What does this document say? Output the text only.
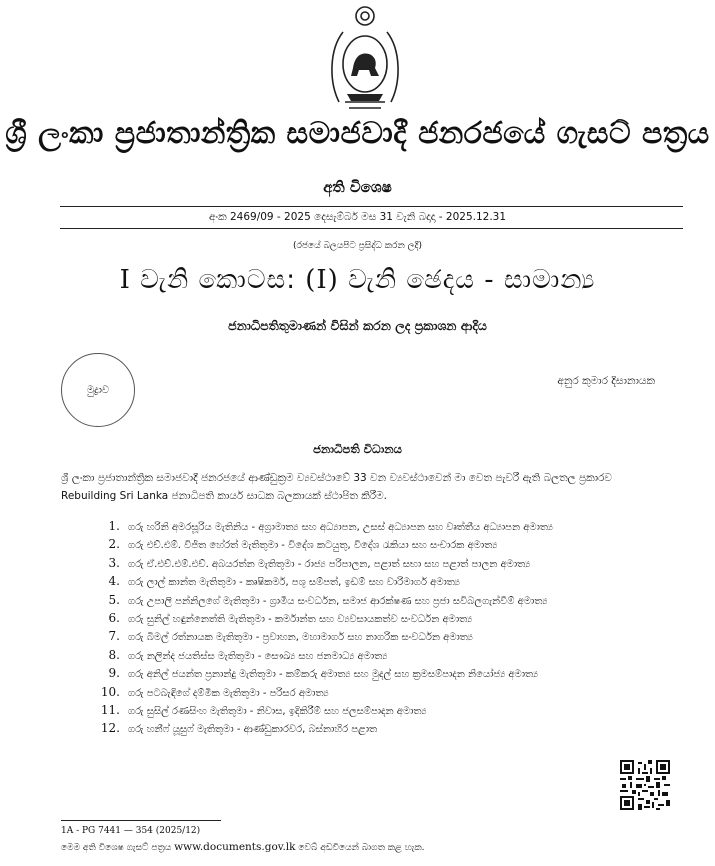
ශ්‍රී ලංකා ප්‍රජාතාන්ත්‍රික සමාජවාදී ජනරජයේ ගැසට් පත්‍රය
අති විශෙෂ
අංක 2469/09 - 2025 දෙසැම්බර් මස 31 වැනි බදාදා - 2025.12.31
(රජයේ බලයපිට ප්‍රසිද්ධ කරන ලදී)
I වැනි කොටස: (I) වැනි ඡෙදය - සාමාන්‍ය
ජනාධිපතිතුමාණන් විසින් කරන ලද ප්‍රකාශන ආදිය
මුද්‍රාව
අනුර කුමාර දිසානායක
ජනාධිපති විධානය
ශ්‍රී ලංකා ප්‍රජාතාන්ත්‍රික සමාජවාදී ජනරජයේ ආණ්ඩුක්‍රම ව්‍යවස්ථාවේ 33 වන ව්‍යවස්ථාවෙන් මා වෙත පැවරී ඇති බලතල ප්‍රකාරව
Rebuilding Sri Lanka ජනාධිපති කාර්ය සාධක බලකායක් ස්ථාපිත කිරීම.
1. ගරු හරිනි අමරසූරිය මැතිනිය - අග්‍රාමාත්‍ය සහ අධ්‍යාපන, උසස් අධ්‍යාපන සහ වෘත්තීය අධ්‍යාපන අමාත්‍ය
2. ගරු එච්.එම්. විජිත හේරත් මැතිතුමා - විදේශ කටයුතු, විදේශ රැකියා සහ සංචාරක අමාත්‍ය
3. ගරු ඒ.එච්.එම්.එච්. අබයරත්න මැතිතුමා - රාජ්‍ය පරිපාලන, පළාත් සභා සහ පළාත් පාලන අමාත්‍ය
4. ගරු ලාල් කාන්ත මැතිතුමා - කෘෂිකර්ම, පශු සම්පත්, ඉඩම් සහ වාරිමාර්ග අමාත්‍ය
5. ගරු උපාලි පන්නිලගේ මැතිතුමා - ග්‍රාමීය සංවර්ධන, සමාජ ආරක්ෂණ සහ ප්‍රජා සවිබලගැන්වීම් අමාත්‍ය
6. ගරු සුනිල් හඳුන්නෙත්ති මැතිතුමා - කර්මාන්ත සහ ව්‍යවසායකත්ව සංවර්ධන අමාත්‍ය
7. ගරු බිමල් රත්නායක මැතිතුමා - ප්‍රවාහන, මහාමාර්ග සහ නාගරික සංවර්ධන අමාත්‍ය
8. ගරු නලින්ද ජයතිස්ස මැතිතුමා - සෞඛ්‍ය සහ ජනමාධ්‍ය අමාත්‍ය
9. ගරු අනිල් ජයන්ත ප්‍රනාන්දු මැතිතුමා - කම්කරු අමාත්‍ය සහ මුදල් සහ ක්‍රමසම්පාදන නියෝජ්‍ය අමාත්‍ය
10. ගරු පටබැඳිගේ දම්මික මැතිතුමා - පරිසර අමාත්‍ය
11. ගරු සුසිල් රණසිංහ මැතිතුමා - නිවාස, ඉදිකිරීම් සහ ජලසම්පාදන අමාත්‍ය
12. ගරු හනීෆ් යූසුෆ් මැතිතුමා - ආණ්ඩුකාරවර, බස්නාහිර පළාත
1A - PG 7441 — 354 (2025/12)
මෙම අති විශෙෂ ගැසට් පත්‍රය www.documents.gov.lk වෙබ් අඩවියෙන් බාගත කළ හැක.
